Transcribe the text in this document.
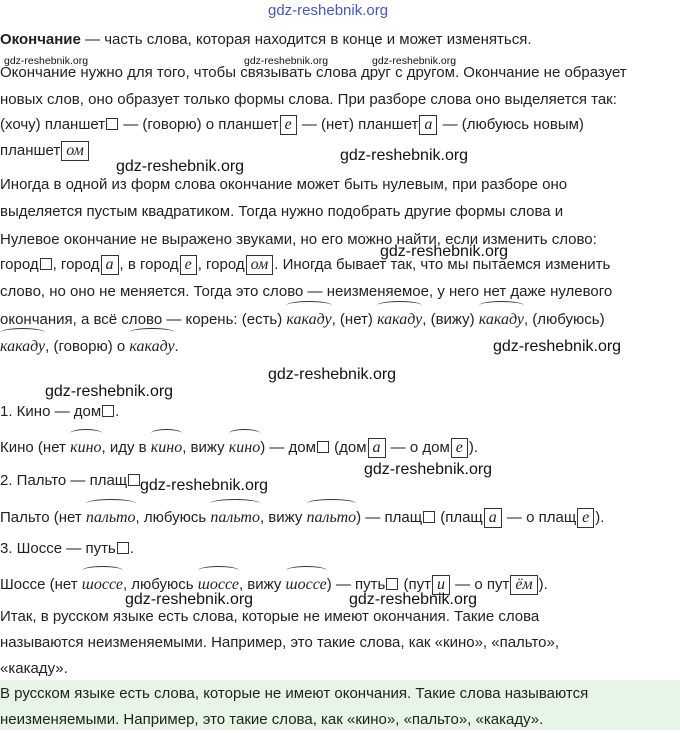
gdz-reshebnik.org
Окончание — часть слова, которая находится в конце и может изменяться.
Окончание нужно для того, чтобы связывать слова друг с другом. Окончание не образует
gdz-reshebnik.org	gdz-reshebnik.org	gdz-reshebnik.org
новых слов, оно образует только формы слова. При разборе слова оно выделяется так:
(хочу) планшет — (говорю) о планшет е — (нет) планшет а — (любуюсь новым)
планшет ом	gdz-reshebnik.org
gdz-reshebnik.org
Иногда в одной из форм слова окончание может быть нулевым, при разборе оно
выделяется пустым квадратиком. Тогда нужно подобрать другие формы слова и
Нулевое окончание не выражено звуками, но его можно найти, если изменить слово:
gdz-reshebnik.org
город , город а , в город е , город ом . Иногда бывает так, что мы пытаемся изменить
слово, но оно не меняется. Тогда это слово — неизменяемое, у него нет даже нулевого
окончания, а всё слово — корень: (есть) какаду, (нет) какаду, (вижу) какаду, (любуюсь)
какаду, (говорю) о какаду.	gdz-reshebnik.org
gdz-reshebnik.org
gdz-reshebnik.org
1. Кино — дом .
Кино (нет кино, иду в кино, вижу кино) — дом (дом а — о дом е ).
gdz-reshebnik.org
2. Пальто — плащ gdz-reshebnik.org
Пальто (нет пальто, любуюсь пальто, вижу пальто) — плащ (плащ а — о плащ е ).
3. Шоссе — путь .
Шоссе (нет шоссе, любуюсь шоссе, вижу шоссе) — путь (пут и — о пут ём ).
gdz-reshebnik.org	gdz-reshebnik.org
Итак, в русском языке есть слова, которые не имеют окончания. Такие слова
называются неизменяемыми. Например, это такие слова, как «кино», «пальто»,
«какаду».
В русском языке есть слова, которые не имеют окончания. Такие слова называются
неизменяемыми. Например, это такие слова, как «кино», «пальто», «какаду».
